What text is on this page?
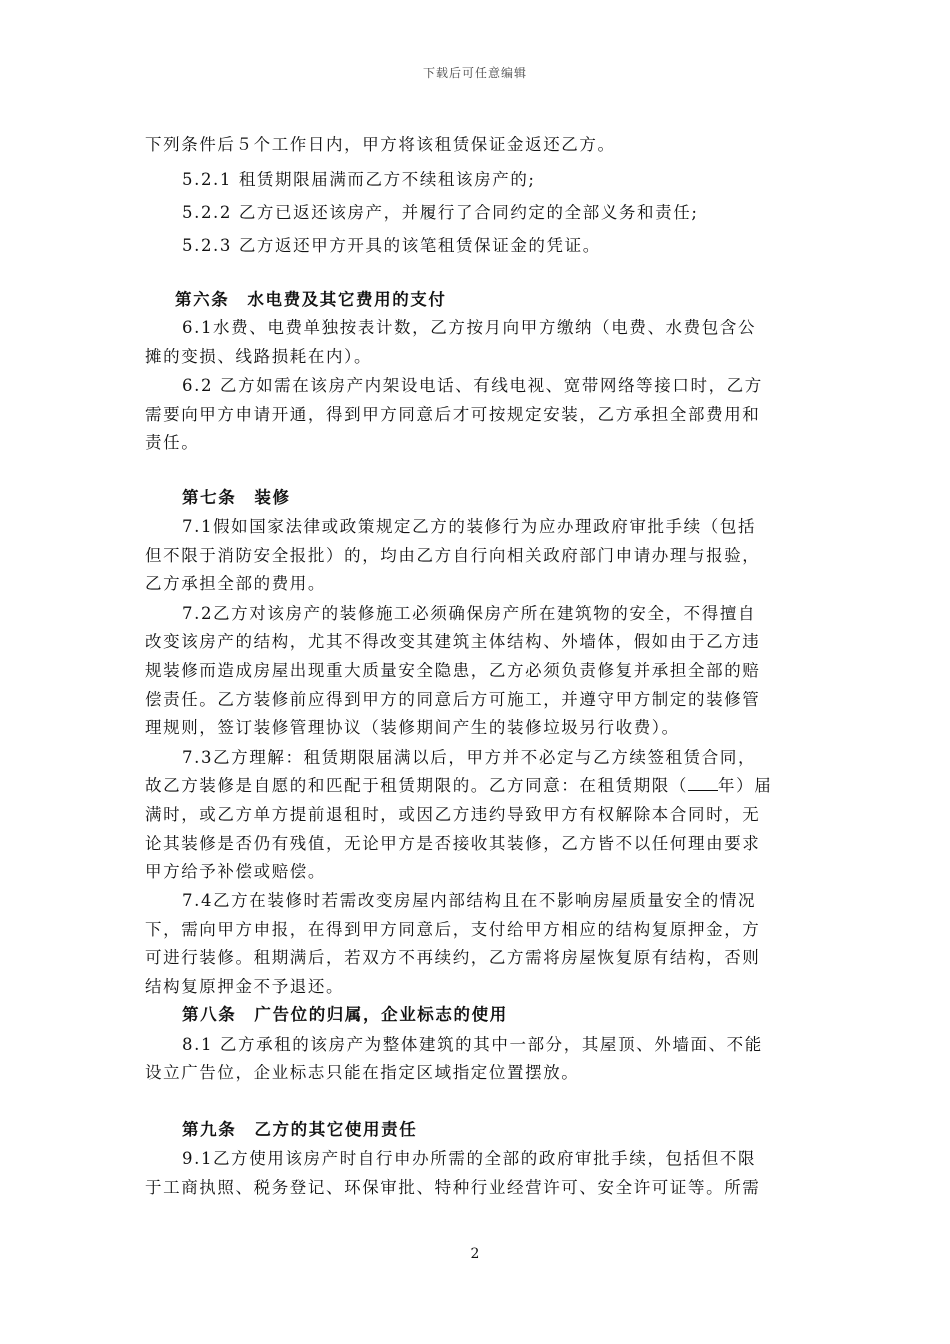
下载后可任意编辑
下列条件后５个工作日内，甲方将该租赁保证金返还乙方。
5.2.1 租赁期限届满而乙方不续租该房产的;
5.2.2 乙方已返还该房产，并履行了合同约定的全部义务和责任;
5.2.3 乙方返还甲方开具的该笔租赁保证金的凭证。
第六条　水电费及其它费用的支付
6.1水费、电费单独按表计数，乙方按月向甲方缴纳（电费、水费包含公
摊的变损、线路损耗在内）。
6.2 乙方如需在该房产内架设电话、有线电视、宽带网络等接口时，乙方
需要向甲方申请开通，得到甲方同意后才可按规定安装，乙方承担全部费用和
责任。
第七条　装修
7.1假如国家法律或政策规定乙方的装修行为应办理政府审批手续（包括
但不限于消防安全报批）的，均由乙方自行向相关政府部门申请办理与报验，
乙方承担全部的费用。
7.2乙方对该房产的装修施工必须确保房产所在建筑物的安全，不得擅自
改变该房产的结构，尤其不得改变其建筑主体结构、外墙体，假如由于乙方违
规装修而造成房屋出现重大质量安全隐患，乙方必须负责修复并承担全部的赔
偿责任。乙方装修前应得到甲方的同意后方可施工，并遵守甲方制定的装修管
理规则，签订装修管理协议（装修期间产生的装修垃圾另行收费）。
7.3乙方理解：租赁期限届满以后，甲方并不必定与乙方续签租赁合同，
故乙方装修是自愿的和匹配于租赁期限的。乙方同意：在租赁期限（ 年）届
满时，或乙方单方提前退租时，或因乙方违约导致甲方有权解除本合同时，无
论其装修是否仍有残值，无论甲方是否接收其装修，乙方皆不以任何理由要求
甲方给予补偿或赔偿。
7.4乙方在装修时若需改变房屋内部结构且在不影响房屋质量安全的情况
下，需向甲方申报，在得到甲方同意后，支付给甲方相应的结构复原押金，方
可进行装修。租期满后，若双方不再续约，乙方需将房屋恢复原有结构，否则
结构复原押金不予退还。
第八条　广告位的归属，企业标志的使用
8.1 乙方承租的该房产为整体建筑的其中一部分，其屋顶、外墙面、不能
设立广告位，企业标志只能在指定区域指定位置摆放。
第九条　乙方的其它使用责任
9.1乙方使用该房产时自行申办所需的全部的政府审批手续，包括但不限
于工商执照、税务登记、环保审批、特种行业经营许可、安全许可证等。所需
2
